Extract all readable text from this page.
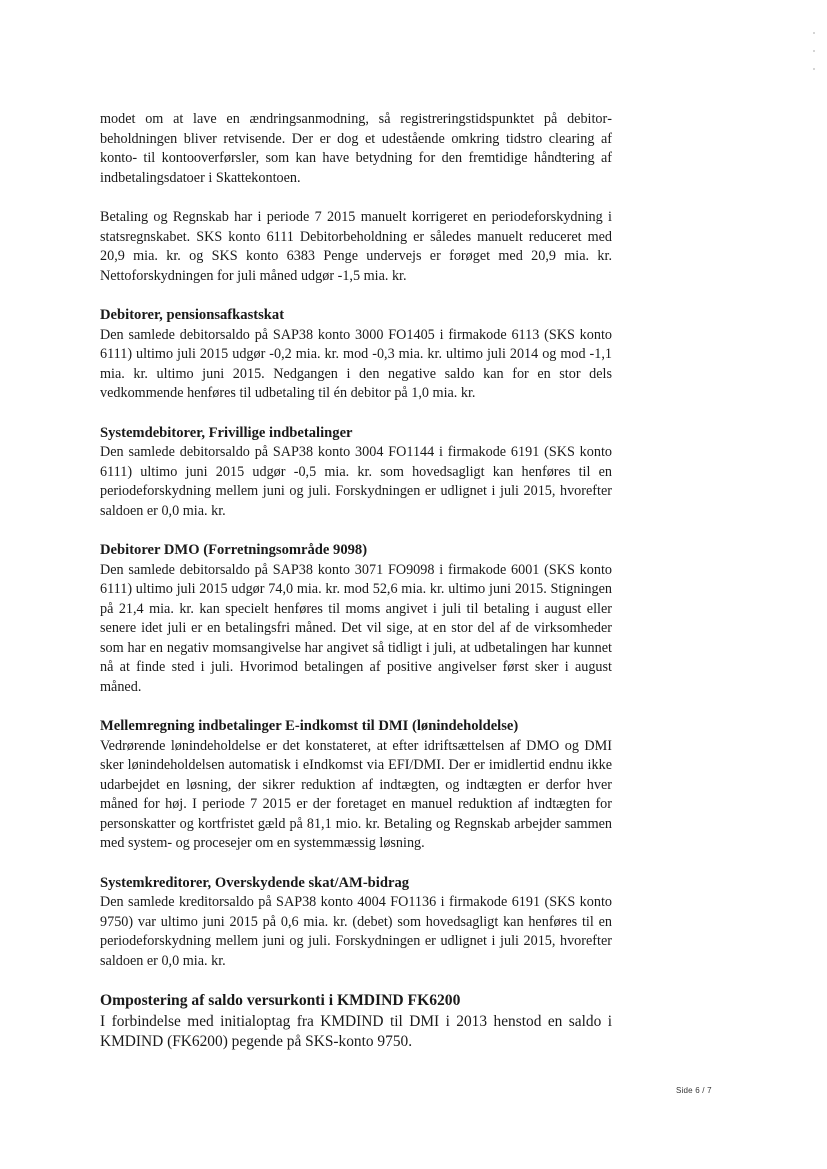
modet om at lave en ændringsanmodning, så registreringstidspunktet på debitorbeholdningen bliver retvisende. Der er dog et udestående omkring tidstro clearing af konto- til kontooverførsler, som kan have betydning for den fremtidige håndtering af indbetalingsdatoer i Skattekontoen.

Betaling og Regnskab har i periode 7 2015 manuelt korrigeret en periodeforskydning i statsregnskabet. SKS konto 6111 Debitorbeholdning er således manuelt reduceret med 20,9 mia. kr. og SKS konto 6383 Penge undervejs er forøget med 20,9 mia. kr. Nettoforskydningen for juli måned udgør -1,5 mia. kr.

Debitorer, pensionsafkastskat

Den samlede debitorsaldo på SAP38 konto 3000 FO1405 i firmakode 6113 (SKS konto 6111) ultimo juli 2015 udgør -0,2 mia. kr. mod -0,3 mia. kr. ultimo juli 2014 og mod -1,1 mia. kr. ultimo juni 2015. Nedgangen i den negative saldo kan for en stor dels vedkommende henføres til udbetaling til én debitor på 1,0 mia. kr.

Systemdebitorer, Frivillige indbetalinger

Den samlede debitorsaldo på SAP38 konto 3004 FO1144 i firmakode 6191 (SKS konto 6111) ultimo juni 2015 udgør -0,5 mia. kr. som hovedsagligt kan henføres til en periodeforskydning mellem juni og juli. Forskydningen er udlignet i juli 2015, hvorefter saldoen er 0,0 mia. kr.

Debitorer DMO (Forretningsområde 9098)

Den samlede debitorsaldo på SAP38 konto 3071 FO9098 i firmakode 6001 (SKS konto 6111) ultimo juli 2015 udgør 74,0 mia. kr. mod 52,6 mia. kr. ultimo juni 2015. Stigningen på 21,4 mia. kr. kan specielt henføres til moms angivet i juli til betaling i august eller senere idet juli er en betalingsfri måned. Det vil sige, at en stor del af de virksomheder som har en negativ momsangivelse har angivet så tidligt i juli, at udbetalingen har kunnet nå at finde sted i juli. Hvorimod betalingen af positive angivelser først sker i august måned.

Mellemregning indbetalinger E-indkomst til DMI (lønindeholdelse)

Vedrørende lønindeholdelse er det konstateret, at efter idriftsættelsen af DMO og DMI sker lønindeholdelsen automatisk i eIndkomst via EFI/DMI. Der er imidlertid endnu ikke udarbejdet en løsning, der sikrer reduktion af indtægten, og indtægten er derfor hver måned for høj. I periode 7 2015 er der foretaget en manuel reduktion af indtægten for personskatter og kortfristet gæld på 81,1 mio. kr. Betaling og Regnskab arbejder sammen med system- og procesejer om en systemmæssig løsning.

Systemkreditorer, Overskydende skat/AM-bidrag

Den samlede kreditorsaldo på SAP38 konto 4004 FO1136 i firmakode 6191 (SKS konto 9750) var ultimo juni 2015 på 0,6 mia. kr. (debet) som hovedsagligt kan henføres til en periodeforskydning mellem juni og juli. Forskydningen er udlignet i juli 2015, hvorefter saldoen er 0,0 mia. kr.

Ompostering af saldo versurkonti i KMDIND FK6200

I forbindelse med initialoptag fra KMDIND til DMI i 2013 henstod en saldo i KMDIND (FK6200) pegende på SKS-konto 9750.

Side 6 / 7
